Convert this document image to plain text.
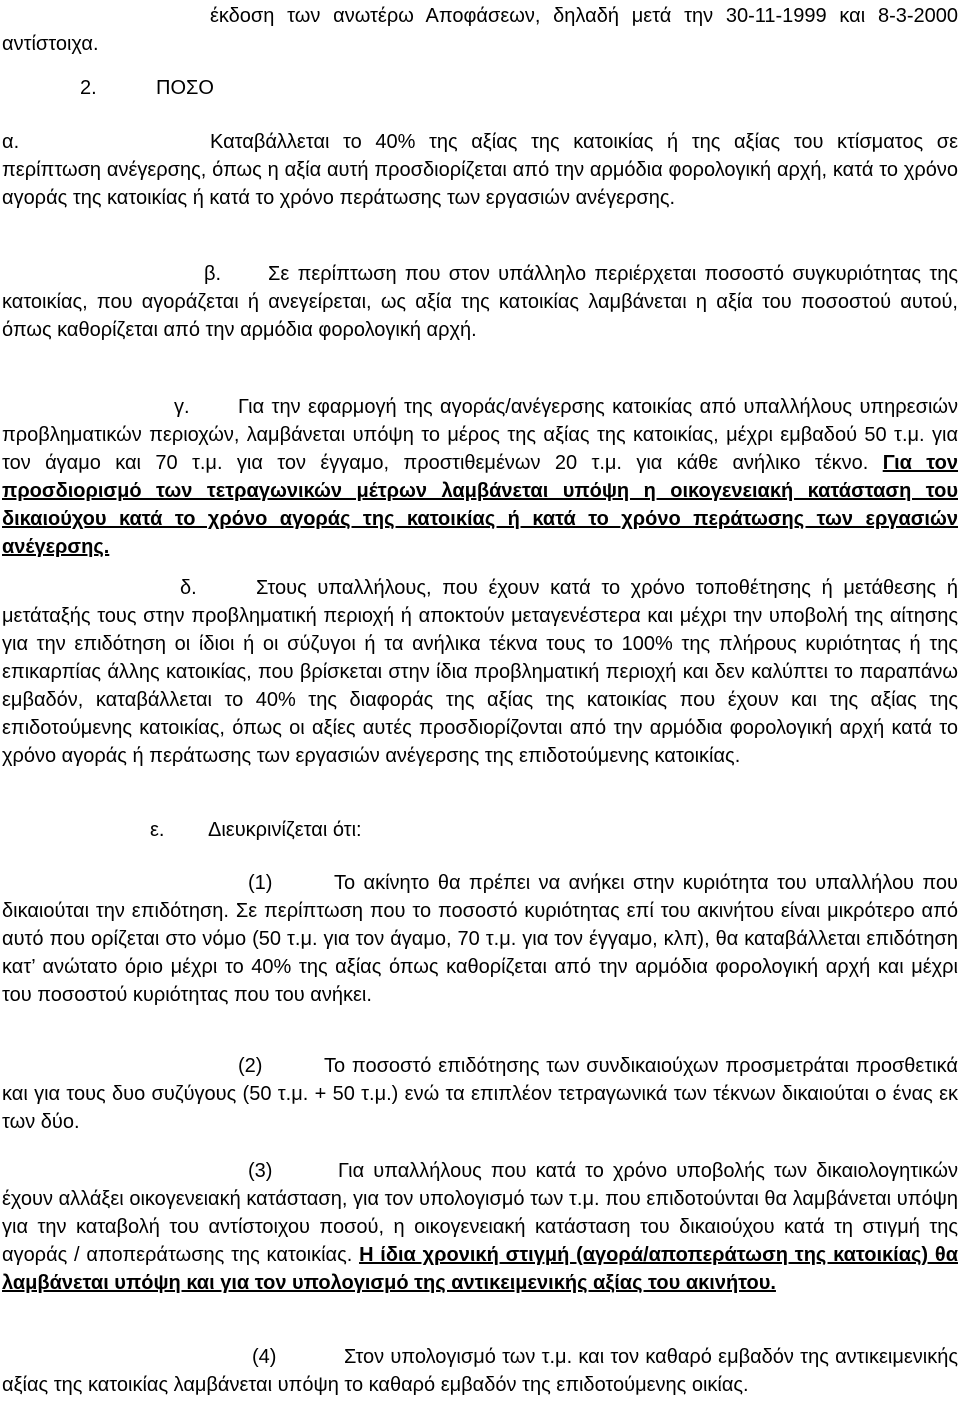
έκδοση των ανωτέρω Αποφάσεων, δηλαδή μετά την 30-11-1999 και 8-3-2000 αντίστοιχα.

2.	ΠΟΣΟ

α.	Καταβάλλεται το 40% της αξίας της κατοικίας ή της αξίας του κτίσματος σε περίπτωση ανέγερσης, όπως η αξία αυτή προσδιορίζεται από την αρμόδια φορολογική αρχή, κατά το χρόνο αγοράς της κατοικίας ή κατά το χρόνο περάτωσης των εργασιών ανέγερσης.

β. Σε περίπτωση που στον υπάλληλο περιέρχεται ποσοστό συγκυριότητας της κατοικίας, που αγοράζεται ή ανεγείρεται, ως αξία της κατοικίας λαμβάνεται η αξία του ποσοστού αυτού, όπως καθορίζεται από την αρμόδια φορολογική αρχή.

γ. Για την εφαρμογή της αγοράς/ανέγερσης κατοικίας από υπαλλήλους υπηρεσιών προβληματικών περιοχών, λαμβάνεται υπόψη το μέρος της αξίας της κατοικίας, μέχρι εμβαδού 50 τ.μ. για τον άγαμο και 70 τ.μ. για τον έγγαμο, προστιθεμένων 20 τ.μ. για κάθε ανήλικο τέκνο. Για τον προσδιορισμό των τετραγωνικών μέτρων λαμβάνεται υπόψη η οικογενειακή κατάσταση του δικαιούχου κατά το χρόνο αγοράς της κατοικίας ή κατά το χρόνο περάτωσης των εργασιών ανέγερσης.

δ.	Στους υπαλλήλους, που έχουν κατά το χρόνο τοποθέτησης ή μετάθεσης ή μετάταξής τους στην προβληματική περιοχή ή αποκτούν μεταγενέστερα και μέχρι την υποβολή της αίτησης για την επιδότηση οι ίδιοι ή οι σύζυγοι ή τα ανήλικα τέκνα τους το 100% της πλήρους κυριότητας ή της επικαρπίας άλλης κατοικίας, που βρίσκεται στην ίδια προβληματική περιοχή και δεν καλύπτει το παραπάνω εμβαδόν, καταβάλλεται το 40% της διαφοράς της αξίας της κατοικίας που έχουν και της αξίας της επιδοτούμενης κατοικίας, όπως οι αξίες αυτές προσδιορίζονται από την αρμόδια φορολογική αρχή κατά το χρόνο αγοράς ή περάτωσης των εργασιών ανέγερσης της επιδοτούμενης κατοικίας.

ε. Διευκρινίζεται ότι:

(1)	Το ακίνητο θα πρέπει να ανήκει στην κυριότητα του υπαλλήλου που δικαιούται την επιδότηση. Σε περίπτωση που το ποσοστό κυριότητας επί του ακινήτου είναι μικρότερο από αυτό που ορίζεται στο νόμο (50 τ.μ. για τον άγαμο, 70 τ.μ. για τον έγγαμο, κλπ), θα καταβάλλεται επιδότηση κατ’ ανώτατο όριο μέχρι το 40% της αξίας όπως καθορίζεται από την αρμόδια φορολογική αρχή και μέχρι του ποσοστού κυριότητας που του ανήκει.

(2)	Το ποσοστό επιδότησης των συνδικαιούχων προσμετράται προσθετικά και για τους δυο συζύγους (50 τ.μ. + 50 τ.μ.) ενώ τα επιπλέον τετραγωνικά των τέκνων δικαιούται ο ένας εκ των δύο.

(3)	Για υπαλλήλους που κατά το χρόνο υποβολής των δικαιολογητικών έχουν αλλάξει οικογενειακή κατάσταση, για τον υπολογισμό των τ.μ. που επιδοτούνται θα λαμβάνεται υπόψη για την καταβολή του αντίστοιχου ποσού, η οικογενειακή κατάσταση του δικαιούχου κατά τη στιγμή της αγοράς / αποπεράτωσης της κατοικίας. Η ίδια χρονική στιγμή (αγορά/αποπεράτωση της κατοικίας) θα λαμβάνεται υπόψη και για τον υπολογισμό της αντικειμενικής αξίας του ακινήτου.

(4)	Στον υπολογισμό των τ.μ. και τον καθαρό εμβαδόν της αντικειμενικής αξίας της κατοικίας λαμβάνεται υπόψη το καθαρό εμβαδόν της επιδοτούμενης οικίας.
